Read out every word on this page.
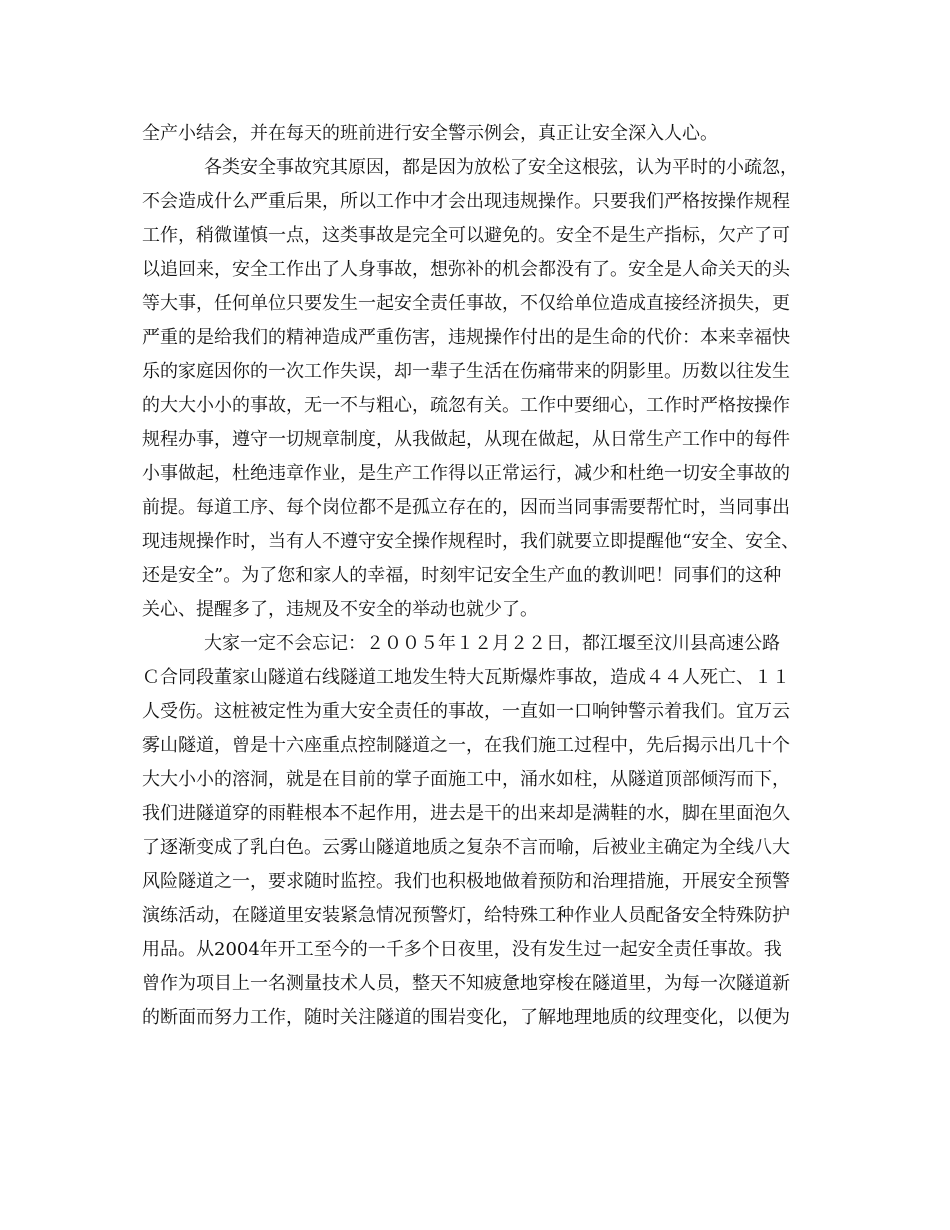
全产小结会，并在每天的班前进行安全警示例会，真正让安全深入人心。
各类安全事故究其原因，都是因为放松了安全这根弦，认为平时的小疏忽，
不会造成什么严重后果，所以工作中才会出现违规操作。只要我们严格按操作规程
工作，稍微谨慎一点，这类事故是完全可以避免的。安全不是生产指标，欠产了可
以追回来，安全工作出了人身事故，想弥补的机会都没有了。安全是人命关天的头
等大事，任何单位只要发生一起安全责任事故，不仅给单位造成直接经济损失，更
严重的是给我们的精神造成严重伤害，违规操作付出的是生命的代价：本来幸福快
乐的家庭因你的一次工作失误，却一辈子生活在伤痛带来的阴影里。历数以往发生
的大大小小的事故，无一不与粗心，疏忽有关。工作中要细心，工作时严格按操作
规程办事，遵守一切规章制度，从我做起，从现在做起，从日常生产工作中的每件
小事做起，杜绝违章作业，是生产工作得以正常运行，减少和杜绝一切安全事故的
前提。每道工序、每个岗位都不是孤立存在的，因而当同事需要帮忙时，当同事出
现违规操作时，当有人不遵守安全操作规程时，我们就要立即提醒他“安全、安全、
还是安全”。为了您和家人的幸福，时刻牢记安全生产血的教训吧！同事们的这种
关心、提醒多了，违规及不安全的举动也就少了。
大家一定不会忘记：２００５年１２月２２日，都江堰至汶川县高速公路
Ｃ合同段董家山隧道右线隧道工地发生特大瓦斯爆炸事故，造成４４人死亡、１１
人受伤。这桩被定性为重大安全责任的事故，一直如一口响钟警示着我们。宜万云
雾山隧道，曾是十六座重点控制隧道之一，在我们施工过程中，先后揭示出几十个
大大小小的溶洞，就是在目前的掌子面施工中，涌水如柱，从隧道顶部倾泻而下，
我们进隧道穿的雨鞋根本不起作用，进去是干的出来却是满鞋的水，脚在里面泡久
了逐渐变成了乳白色。云雾山隧道地质之复杂不言而喻，后被业主确定为全线八大
风险隧道之一，要求随时监控。我们也积极地做着预防和治理措施，开展安全预警
演练活动，在隧道里安装紧急情况预警灯，给特殊工种作业人员配备安全特殊防护
用品。从2004年开工至今的一千多个日夜里，没有发生过一起安全责任事故。我
曾作为项目上一名测量技术人员，整天不知疲惫地穿梭在隧道里，为每一次隧道新
的断面而努力工作，随时关注隧道的围岩变化，了解地理地质的纹理变化，以便为
